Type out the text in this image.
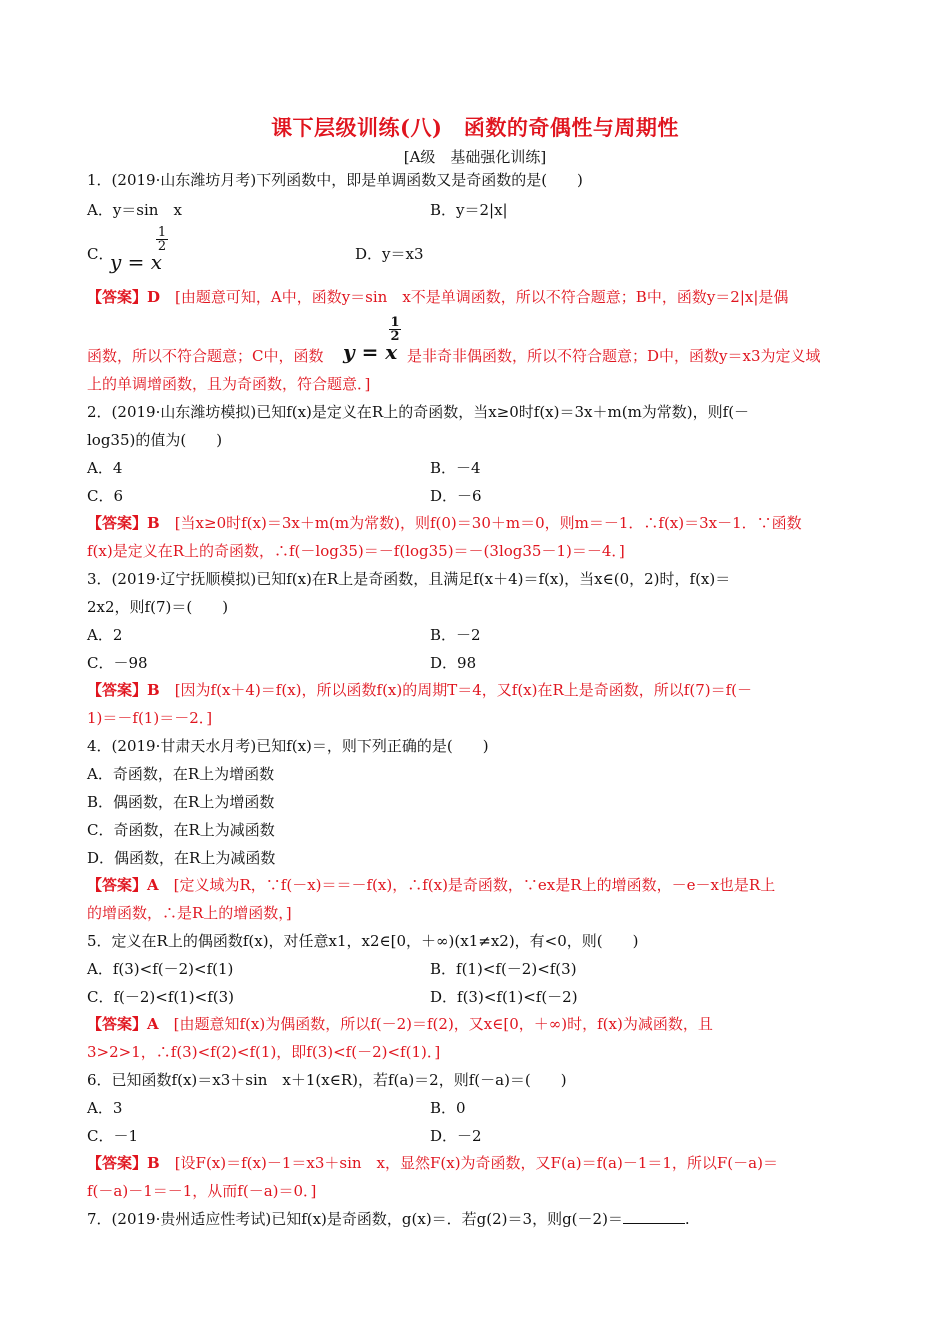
课下层级训练(八)　函数的奇偶性与周期性
[A级　基础强化训练]
1．(2019·山东潍坊月考)下列函数中，即是单调函数又是奇函数的是(　　)
A．y＝sin　x	B．y＝2|x|
C．
y = x
1
2	D．y＝x3
【答案】D　[由题意可知，A中，函数y＝sin　x不是单调函数，所以不符合题意；B中，函数y＝2|x|是偶
函数，所以不符合题意；C中，函数 y = x
1
2
是非奇非偶函数，所以不符合题意；D中，函数y＝x3为定义域
上的单调增函数，且为奇函数，符合题意．]
2．(2019·山东潍坊模拟)已知f(x)是定义在R上的奇函数，当x≥0时f(x)＝3x＋m(m为常数)，则f(－
log35)的值为(　　)
A．4	B．－4
C．6	D．－6
【答案】B　[当x≥0时f(x)＝3x＋m(m为常数)，则f(0)＝30＋m＝0，则m＝－1．∴f(x)＝3x－1．∵函数
f(x)是定义在R上的奇函数，∴f(－log35)＝－f(log35)＝－(3log35－1)＝－4．]
3．(2019·辽宁抚顺模拟)已知f(x)在R上是奇函数，且满足f(x＋4)＝f(x)，当x∈(0，2)时，f(x)＝
2x2，则f(7)＝(　　)
A．2	B．－2
C．－98	D．98
【答案】B　[因为f(x＋4)＝f(x)，所以函数f(x)的周期T＝4，又f(x)在R上是奇函数，所以f(7)＝f(－
1)＝－f(1)＝－2．]
4．(2019·甘肃天水月考)已知f(x)＝，则下列正确的是(　　)
A．奇函数，在R上为增函数
B．偶函数，在R上为增函数
C．奇函数，在R上为减函数
D．偶函数，在R上为减函数
【答案】A　[定义域为R，∵f(－x)＝＝－f(x)，∴f(x)是奇函数，∵ex是R上的增函数，－e－x也是R上
的增函数，∴是R上的增函数，]
5．定义在R上的偶函数f(x)，对任意x1，x2∈[0，＋∞)(x1≠x2)，有<0，则(　　)
A．f(3)<f(－2)<f(1)	B．f(1)<f(－2)<f(3)
C．f(－2)<f(1)<f(3)	D．f(3)<f(1)<f(－2)
【答案】A　[由题意知f(x)为偶函数，所以f(－2)＝f(2)，又x∈[0，＋∞)时，f(x)为减函数，且
3>2>1，∴f(3)<f(2)<f(1)，即f(3)<f(－2)<f(1)．]
6．已知函数f(x)＝x3＋sin　x＋1(x∈R)，若f(a)＝2，则f(－a)＝(　　)
A．3	B．0
C．－1	D．－2
【答案】B　[设F(x)＝f(x)－1＝x3＋sin　x，显然F(x)为奇函数，又F(a)＝f(a)－1＝1，所以F(－a)＝
f(－a)－1＝－1，从而f(－a)＝0．]
7．(2019·贵州适应性考试)已知f(x)是奇函数，g(x)＝．若g(2)＝3，则g(－2)＝	.
